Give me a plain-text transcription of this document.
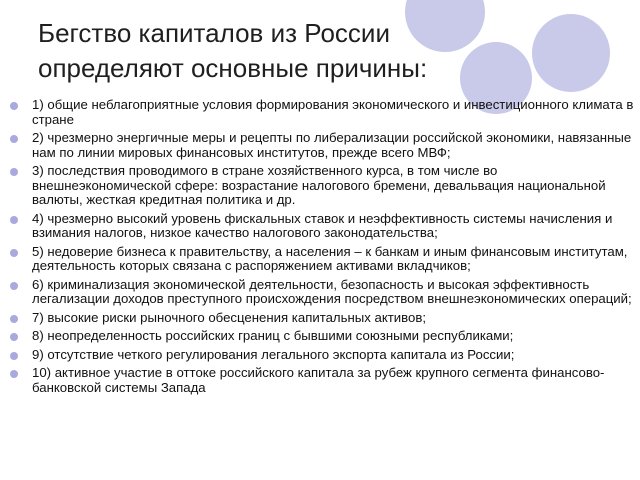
Бегство капиталов из России определяют основные причины:
1) общие неблагоприятные условия формирования экономического и инвестиционного климата в стране
2) чрезмерно энергичные меры и рецепты по либерализации российской экономики, навязанные нам по линии мировых финансовых институтов, прежде всего МВФ;
3) последствия проводимого в стране хозяйственного курса, в том числе во внешнеэкономической сфере: возрастание налогового бремени, девальвация национальной валюты, жесткая кредитная политика и др.
4) чрезмерно высокий уровень фискальных ставок и неэффективность системы начисления и взимания налогов, низкое качество налогового законодательства;
5) недоверие бизнеса к правительству, а населения – к банкам и иным финансовым институтам, деятельность которых связана с распоряжением активами вкладчиков;
6) криминализация экономической деятельности, безопасность и высокая эффективность легализации доходов преступного происхождения посредством внешнеэкономических операций;
7) высокие риски рыночного обесценения капитальных активов;
8) неопределенность российских границ с бывшими союзными республиками;
9) отсутствие четкого регулирования легального экспорта капитала из России;
10) активное участие в оттоке российского капитала за рубеж крупного сегмента финансово-банковской системы Запада
